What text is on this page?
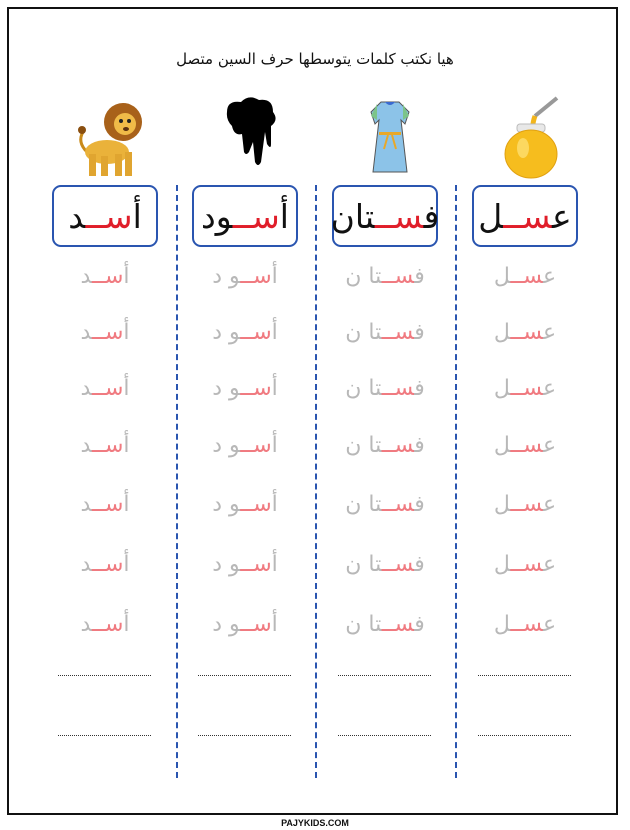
هيا نكتب كلمات يتوسطها حرف السين متصل
أســد
أســد
أســد
أســد
أســد
أســد
أســد
أســد
أســود
أســو د
أســو د
أســو د
أســو د
أســو د
أســو د
أســو د
فســتان
فســتا ن
فســتا ن
فســتا ن
فســتا ن
فســتا ن
فســتا ن
فســتا ن
عســل
عســل
عســل
عســل
عســل
عســل
عســل
عســل
PAJYKIDS.COM
